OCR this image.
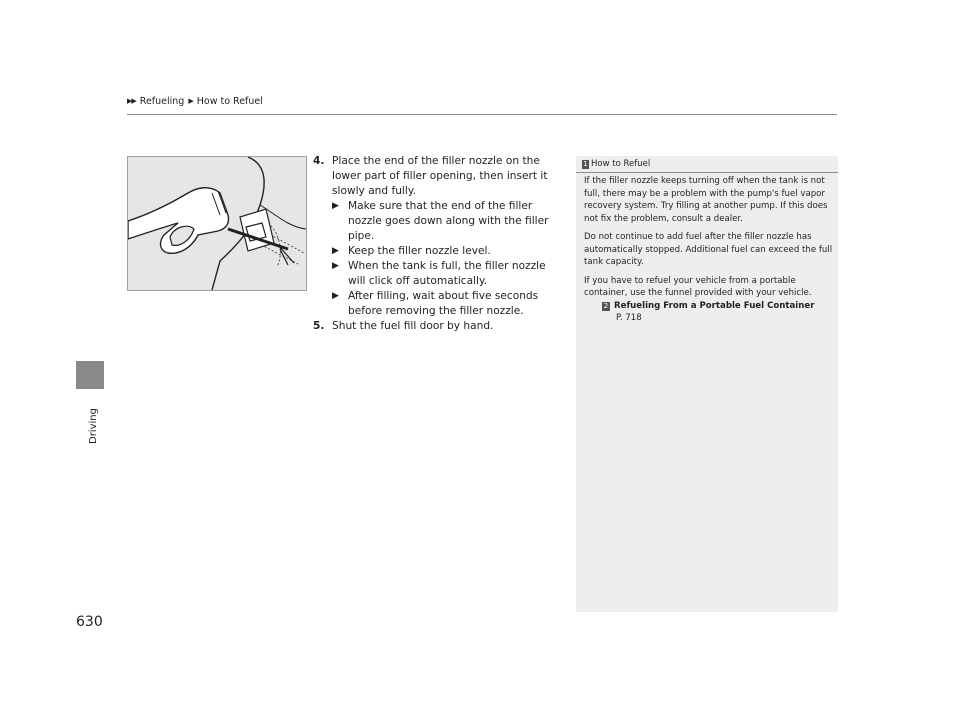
▶▶ Refueling ▶ How to Refuel
Driving
630
4. Place the end of the filler nozzle on the lower part of filler opening, then insert it slowly and fully.
▶ Make sure that the end of the filler nozzle goes down along with the filler pipe.
▶ Keep the filler nozzle level.
▶ When the tank is full, the filler nozzle will click off automatically.
▶ After filling, wait about five seconds before removing the filler nozzle.
5. Shut the fuel fill door by hand.
1 How to Refuel

If the filler nozzle keeps turning off when the tank is not full, there may be a problem with the pump's fuel vapor recovery system. Try filling at another pump. If this does not fix the problem, consult a dealer.

Do not continue to add fuel after the filler nozzle has automatically stopped. Additional fuel can exceed the full tank capacity.

If you have to refuel your vehicle from a portable container, use the funnel provided with your vehicle.

2 Refueling From a Portable Fuel Container
P. 718
